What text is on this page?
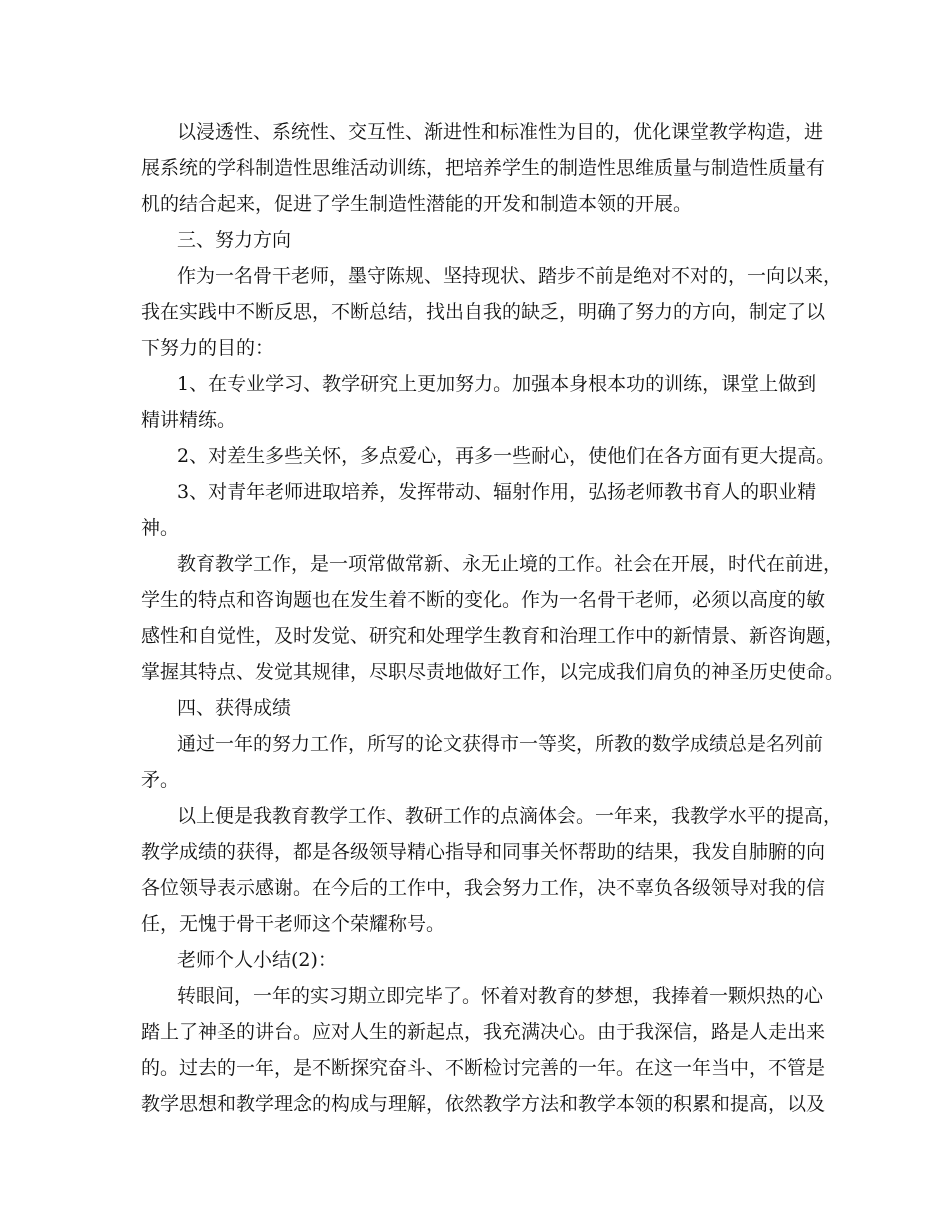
以浸透性、系统性、交互性、渐进性和标准性为目的，优化课堂教学构造，进
展系统的学科制造性思维活动训练，把培养学生的制造性思维质量与制造性质量有
机的结合起来，促进了学生制造性潜能的开发和制造本领的开展。
三、努力方向
作为一名骨干老师，墨守陈规、坚持现状、踏步不前是绝对不对的，一向以来，
我在实践中不断反思，不断总结，找出自我的缺乏，明确了努力的方向，制定了以
下努力的目的：
1、在专业学习、教学研究上更加努力。加强本身根本功的训练，课堂上做到
精讲精练。
2、对差生多些关怀，多点爱心，再多一些耐心，使他们在各方面有更大提高。
3、对青年老师进取培养，发挥带动、辐射作用，弘扬老师教书育人的职业精
神。
教育教学工作，是一项常做常新、永无止境的工作。社会在开展，时代在前进，
学生的特点和咨询题也在发生着不断的变化。作为一名骨干老师，必须以高度的敏
感性和自觉性，及时发觉、研究和处理学生教育和治理工作中的新情景、新咨询题，
掌握其特点、发觉其规律，尽职尽责地做好工作，以完成我们肩负的神圣历史使命。
四、获得成绩
通过一年的努力工作，所写的论文获得市一等奖，所教的数学成绩总是名列前
矛。
以上便是我教育教学工作、教研工作的点滴体会。一年来，我教学水平的提高，
教学成绩的获得，都是各级领导精心指导和同事关怀帮助的结果，我发自肺腑的向
各位领导表示感谢。在今后的工作中，我会努力工作，决不辜负各级领导对我的信
任，无愧于骨干老师这个荣耀称号。
老师个人小结(2)：
转眼间，一年的实习期立即完毕了。怀着对教育的梦想，我捧着一颗炽热的心
踏上了神圣的讲台。应对人生的新起点，我充满决心。由于我深信，路是人走出来
的。过去的一年，是不断探究奋斗、不断检讨完善的一年。在这一年当中，不管是
教学思想和教学理念的构成与理解，依然教学方法和教学本领的积累和提高，以及
